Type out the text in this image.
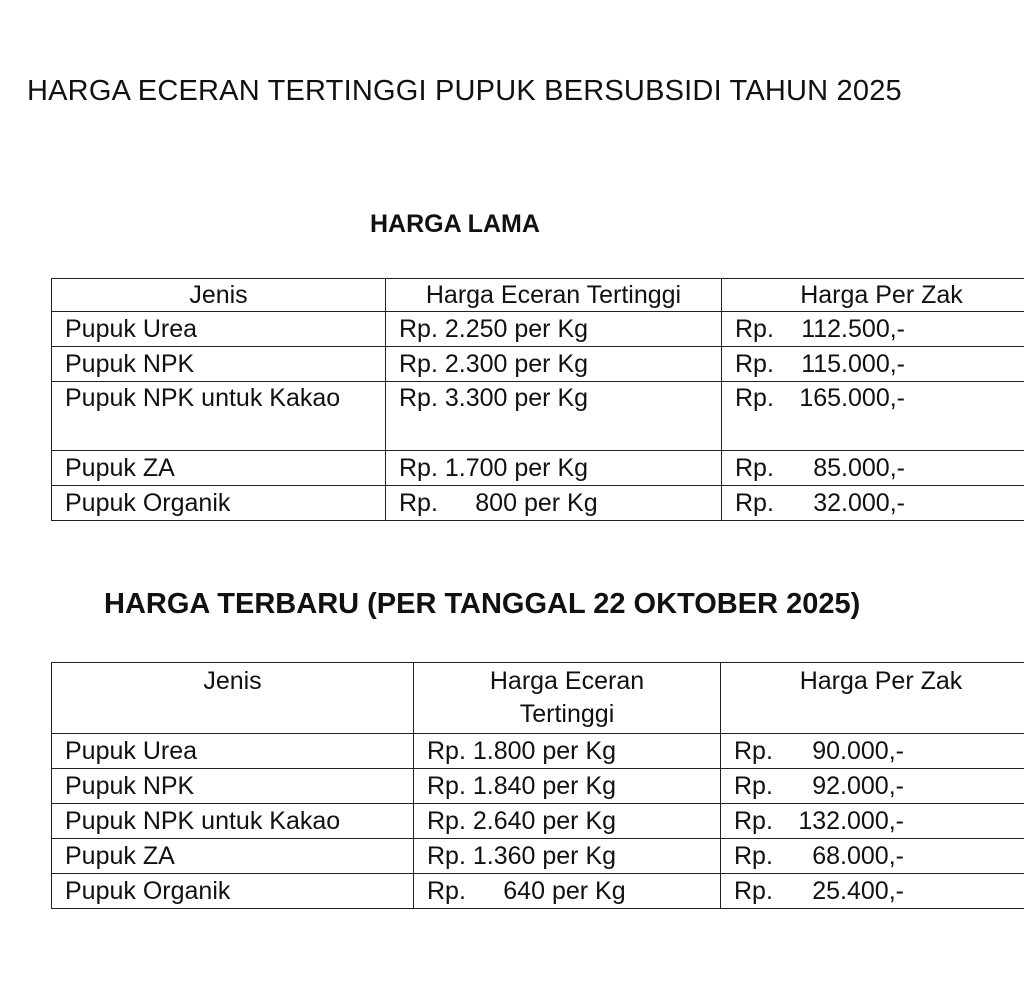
HARGA ECERAN TERTINGGI PUPUK BERSUBSIDI TAHUN 2025
HARGA LAMA
Jenis	Harga Eceran Tertinggi	Harga Per Zak
Pupuk Urea	Rp. 2.250 per Kg	Rp. 112.500,-
Pupuk NPK	Rp. 2.300 per Kg	Rp. 115.000,-
Pupuk NPK untuk Kakao	Rp. 3.300 per Kg	Rp. 165.000,-
Pupuk ZA	Rp. 1.700 per Kg	Rp. 85.000,-
Pupuk Organik	Rp. 800 per Kg	Rp. 32.000,-
HARGA TERBARU (PER TANGGAL 22 OKTOBER 2025)
Jenis	Harga Eceran Tertinggi	Harga Per Zak
Pupuk Urea	Rp. 1.800 per Kg	Rp. 90.000,-
Pupuk NPK	Rp. 1.840 per Kg	Rp. 92.000,-
Pupuk NPK untuk Kakao	Rp. 2.640 per Kg	Rp. 132.000,-
Pupuk ZA	Rp. 1.360 per Kg	Rp. 68.000,-
Pupuk Organik	Rp. 640 per Kg	Rp. 25.400,-
